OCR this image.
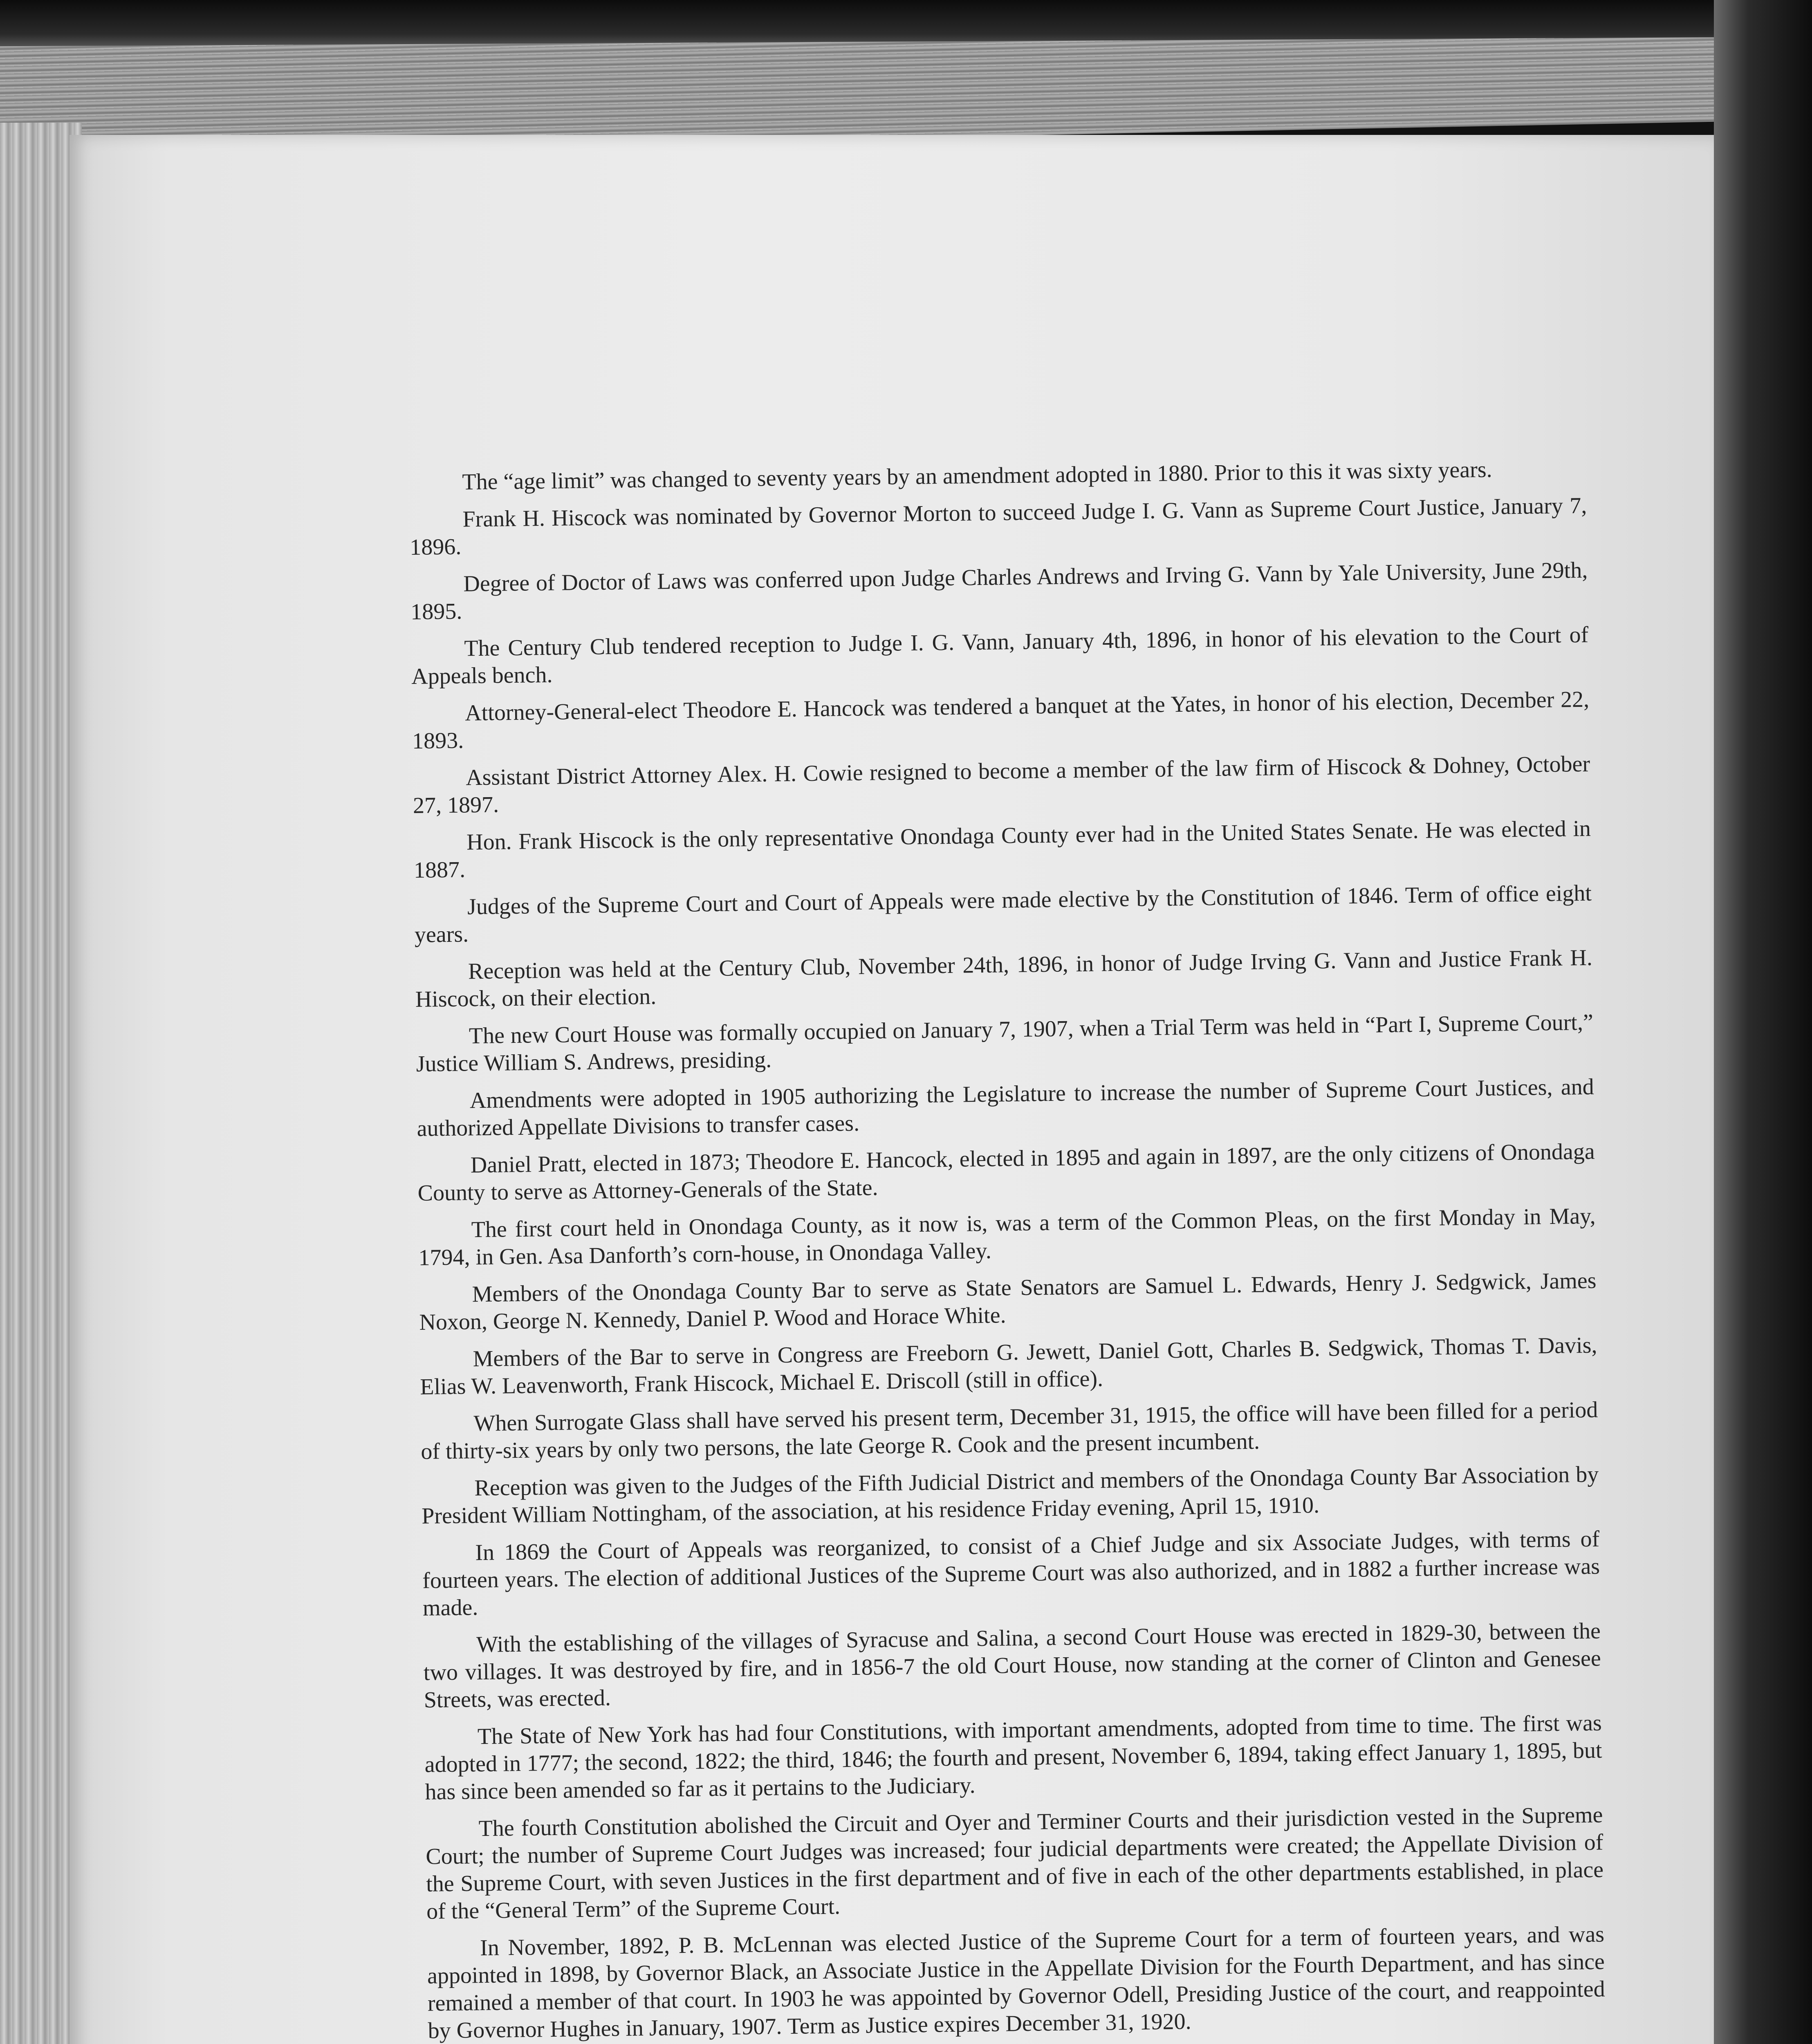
The “age limit” was changed to seventy years by an amendment adopted in 1880. Prior to this it was sixty years.

Frank H. Hiscock was nominated by Governor Morton to succeed Judge I. G. Vann as Supreme Court Justice, January 7, 1896.

Degree of Doctor of Laws was conferred upon Judge Charles Andrews and Irving G. Vann by Yale University, June 29th, 1895.

The Century Club tendered reception to Judge I. G. Vann, January 4th, 1896, in honor of his elevation to the Court of Appeals bench.

Attorney-General-elect Theodore E. Hancock was tendered a banquet at the Yates, in honor of his election, December 22, 1893.

Assistant District Attorney Alex. H. Cowie resigned to become a member of the law firm of Hiscock & Dohney, October 27, 1897.

Hon. Frank Hiscock is the only representative Onondaga County ever had in the United States Senate. He was elected in 1887.

Judges of the Supreme Court and Court of Appeals were made elective by the Constitution of 1846. Term of office eight years.

Reception was held at the Century Club, November 24th, 1896, in honor of Judge Irving G. Vann and Justice Frank H. Hiscock, on their election.

The new Court House was formally occupied on January 7, 1907, when a Trial Term was held in “Part I, Supreme Court,” Justice William S. Andrews, presiding.

Amendments were adopted in 1905 authorizing the Legislature to increase the number of Supreme Court Justices, and authorized Appellate Divisions to transfer cases.

Daniel Pratt, elected in 1873; Theodore E. Hancock, elected in 1895 and again in 1897, are the only citizens of Onondaga County to serve as Attorney-Generals of the State.

The first court held in Onondaga County, as it now is, was a term of the Common Pleas, on the first Monday in May, 1794, in Gen. Asa Danforth’s corn-house, in Onondaga Valley.

Members of the Onondaga County Bar to serve as State Senators are Samuel L. Edwards, Henry J. Sedgwick, James Noxon, George N. Kennedy, Daniel P. Wood and Horace White.

Members of the Bar to serve in Congress are Freeborn G. Jewett, Daniel Gott, Charles B. Sedgwick, Thomas T. Davis, Elias W. Leavenworth, Frank Hiscock, Michael E. Driscoll (still in office).

When Surrogate Glass shall have served his present term, December 31, 1915, the office will have been filled for a period of thirty-six years by only two persons, the late George R. Cook and the present incumbent.

Reception was given to the Judges of the Fifth Judicial District and members of the Onondaga County Bar Association by President William Nottingham, of the association, at his residence Friday evening, April 15, 1910.

In 1869 the Court of Appeals was reorganized, to consist of a Chief Judge and six Associate Judges, with terms of fourteen years. The election of additional Justices of the Supreme Court was also authorized, and in 1882 a further increase was made.

With the establishing of the villages of Syracuse and Salina, a second Court House was erected in 1829-30, between the two villages. It was destroyed by fire, and in 1856-7 the old Court House, now standing at the corner of Clinton and Genesee Streets, was erected.

The State of New York has had four Constitutions, with important amendments, adopted from time to time. The first was adopted in 1777; the second, 1822; the third, 1846; the fourth and present, November 6, 1894, taking effect January 1, 1895, but has since been amended so far as it pertains to the Judiciary.

The fourth Constitution abolished the Circuit and Oyer and Terminer Courts and their jurisdiction vested in the Supreme Court; the number of Supreme Court Judges was increased; four judicial departments were created; the Appellate Division of the Supreme Court, with seven Justices in the first department and of five in each of the other departments established, in place of the “General Term” of the Supreme Court.

In November, 1892, P. B. McLennan was elected Justice of the Supreme Court for a term of fourteen years, and was appointed in 1898, by Governor Black, an Associate Justice in the Appellate Division for the Fourth Department, and has since remained a member of that court. In 1903 he was appointed by Governor Odell, Presiding Justice of the court, and reappointed by Governor Hughes in January, 1907. Term as Justice expires December 31, 1920.
